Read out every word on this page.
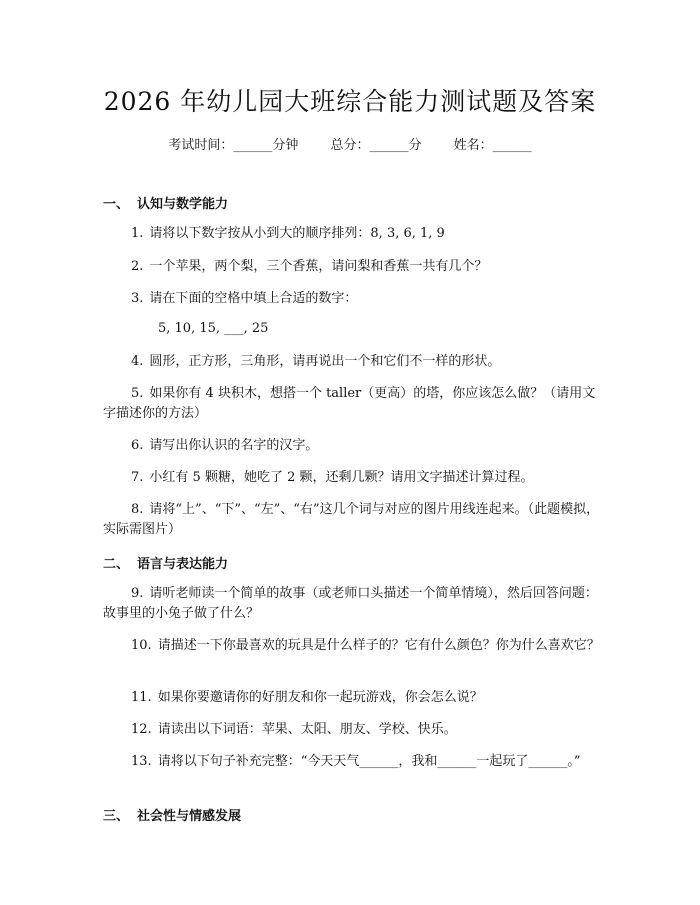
2026 年幼儿园大班综合能力测试题及答案
考试时间：______分钟 总分：______分 姓名：______
一、 认知与数学能力
1. 请将以下数字按从小到大的顺序排列：8, 3, 6, 1, 9
2. 一个苹果，两个梨，三个香蕉，请问梨和香蕉一共有几个？
3. 请在下面的空格中填上合适的数字：
5, 10, 15, ___, 25
4. 圆形，正方形，三角形，请再说出一个和它们不一样的形状。
5. 如果你有 4 块积木，想搭一个 taller（更高）的塔，你应该怎么做？（请用文字描述你的方法）
6. 请写出你认识的名字的汉字。
7. 小红有 5 颗糖，她吃了 2 颗，还剩几颗？请用文字描述计算过程。
8. 请将“上”、“下”、“左”、“右”这几个词与对应的图片用线连起来。（此题模拟，实际需图片）
二、 语言与表达能力
9. 请听老师读一个简单的故事（或老师口头描述一个简单情境），然后回答问题：故事里的小兔子做了什么？
10. 请描述一下你最喜欢的玩具是什么样子的？它有什么颜色？你为什么喜欢它？
11. 如果你要邀请你的好朋友和你一起玩游戏，你会怎么说？
12. 请读出以下词语：苹果、太阳、朋友、学校、快乐。
13. 请将以下句子补充完整：“今天天气______，我和______一起玩了______。”
三、 社会性与情感发展
